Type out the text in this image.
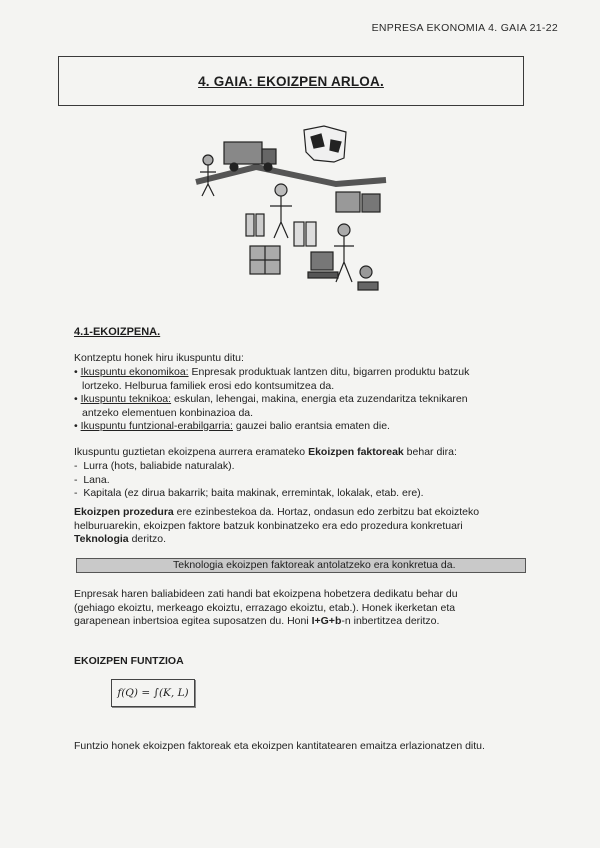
ENPRESA EKONOMIA 4. GAIA 21-22
4. GAIA: EKOIZPEN ARLOA.
4.1-EKOIZPENA.
Kontzeptu honek hiru ikuspuntu ditu:
• Ikuspuntu ekonomikoa: Enpresak produktuak lantzen ditu, bigarren produktu batzuk
lortzeko. Helburua familiek erosi edo kontsumitzea da.
• Ikuspuntu teknikoa: eskulan, lehengai, makina, energia eta zuzendaritza teknikaren
antzeko elementuen konbinazioa da.
• Ikuspuntu funtzional-erabilgarria: gauzei balio erantsia ematen die.
Ikuspuntu guztietan ekoizpena aurrera eramateko Ekoizpen faktoreak behar dira:
-  Lurra (hots, baliabide naturalak).
-  Lana.
-  Kapitala (ez dirua bakarrik; baita makinak, erremintak, lokalak, etab. ere).
Ekoizpen prozedura ere ezinbestekoa da. Hortaz, ondasun edo zerbitzu bat ekoizteko
helburuarekin, ekoizpen faktore batzuk konbinatzeko era edo prozedura konkretuari
Teknologia deritzo.
Teknologia ekoizpen faktoreak antolatzeko era konkretua da.
Enpresak haren baliabideen zati handi bat ekoizpena hobetzera dedikatu behar du
(gehiago ekoiztu, merkeago ekoiztu, errazago ekoiztu, etab.). Honek ikerketan eta
garapenean inbertsioa egitea suposatzen du. Honi I+G+b-n inbertitzea deritzo.
EKOIZPEN FUNTZIOA
f(Q) = ∫(K, L)
Funtzio honek ekoizpen faktoreak eta ekoizpen kantitatearen emaitza erlazionatzen ditu.
